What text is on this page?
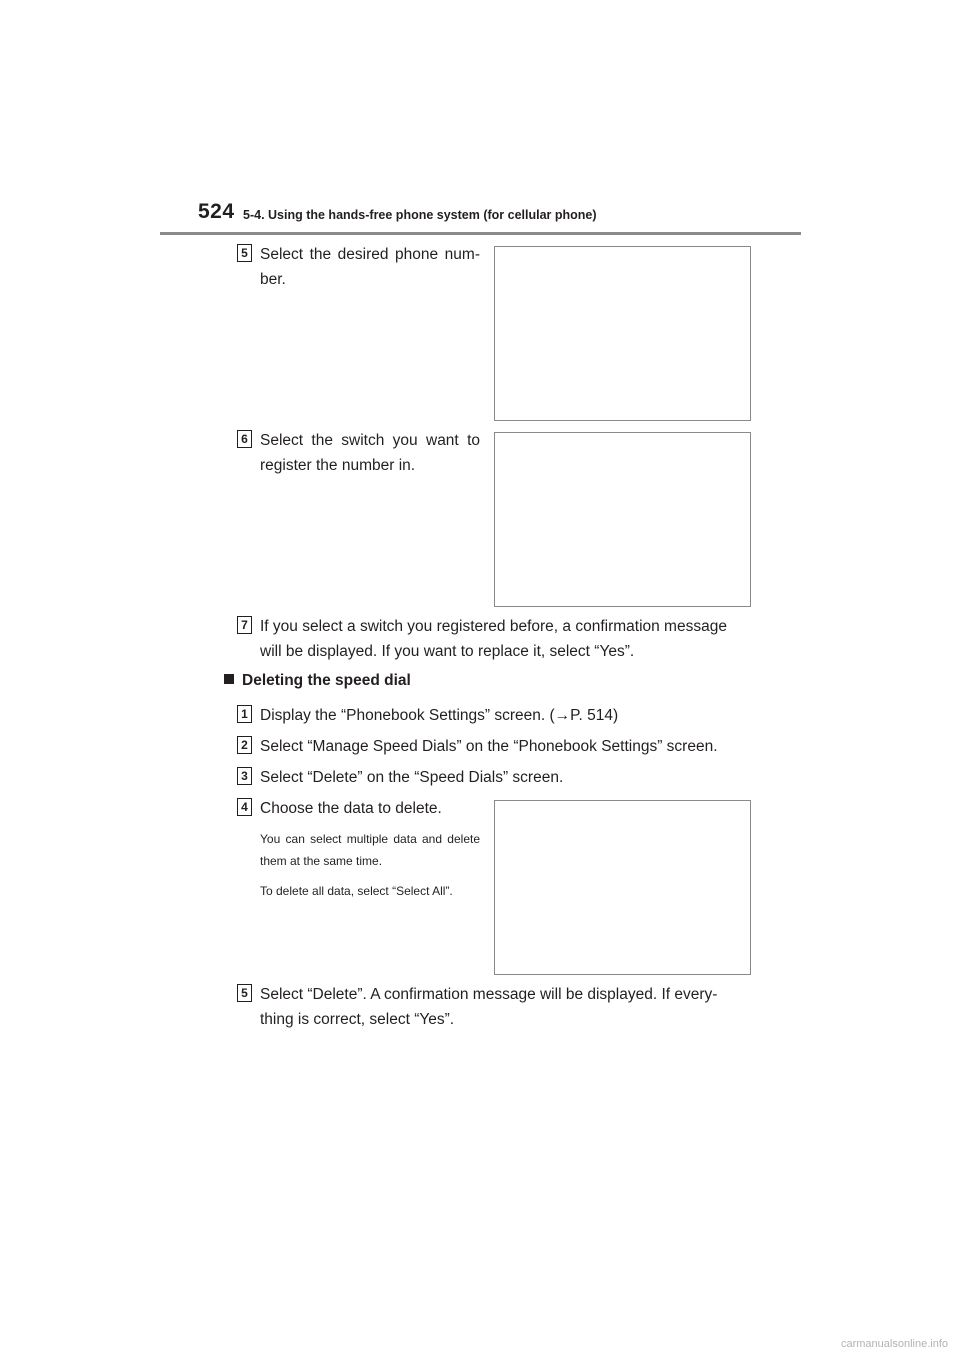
524 5-4. Using the hands-free phone system (for cellular phone)
5 Select the desired phone num-ber.
6 Select the switch you want to register the number in.
7 If you select a switch you registered before, a confirmation message will be displayed. If you want to replace it, select “Yes”.
Deleting the speed dial
1 Display the “Phonebook Settings” screen. (→P. 514)
2 Select “Manage Speed Dials” on the “Phonebook Settings” screen.
3 Select “Delete” on the “Speed Dials” screen.
4 Choose the data to delete.
You can select multiple data and delete them at the same time.
To delete all data, select “Select All”.
5 Select “Delete”. A confirmation message will be displayed. If every-thing is correct, select “Yes”.
carmanualsonline.info
